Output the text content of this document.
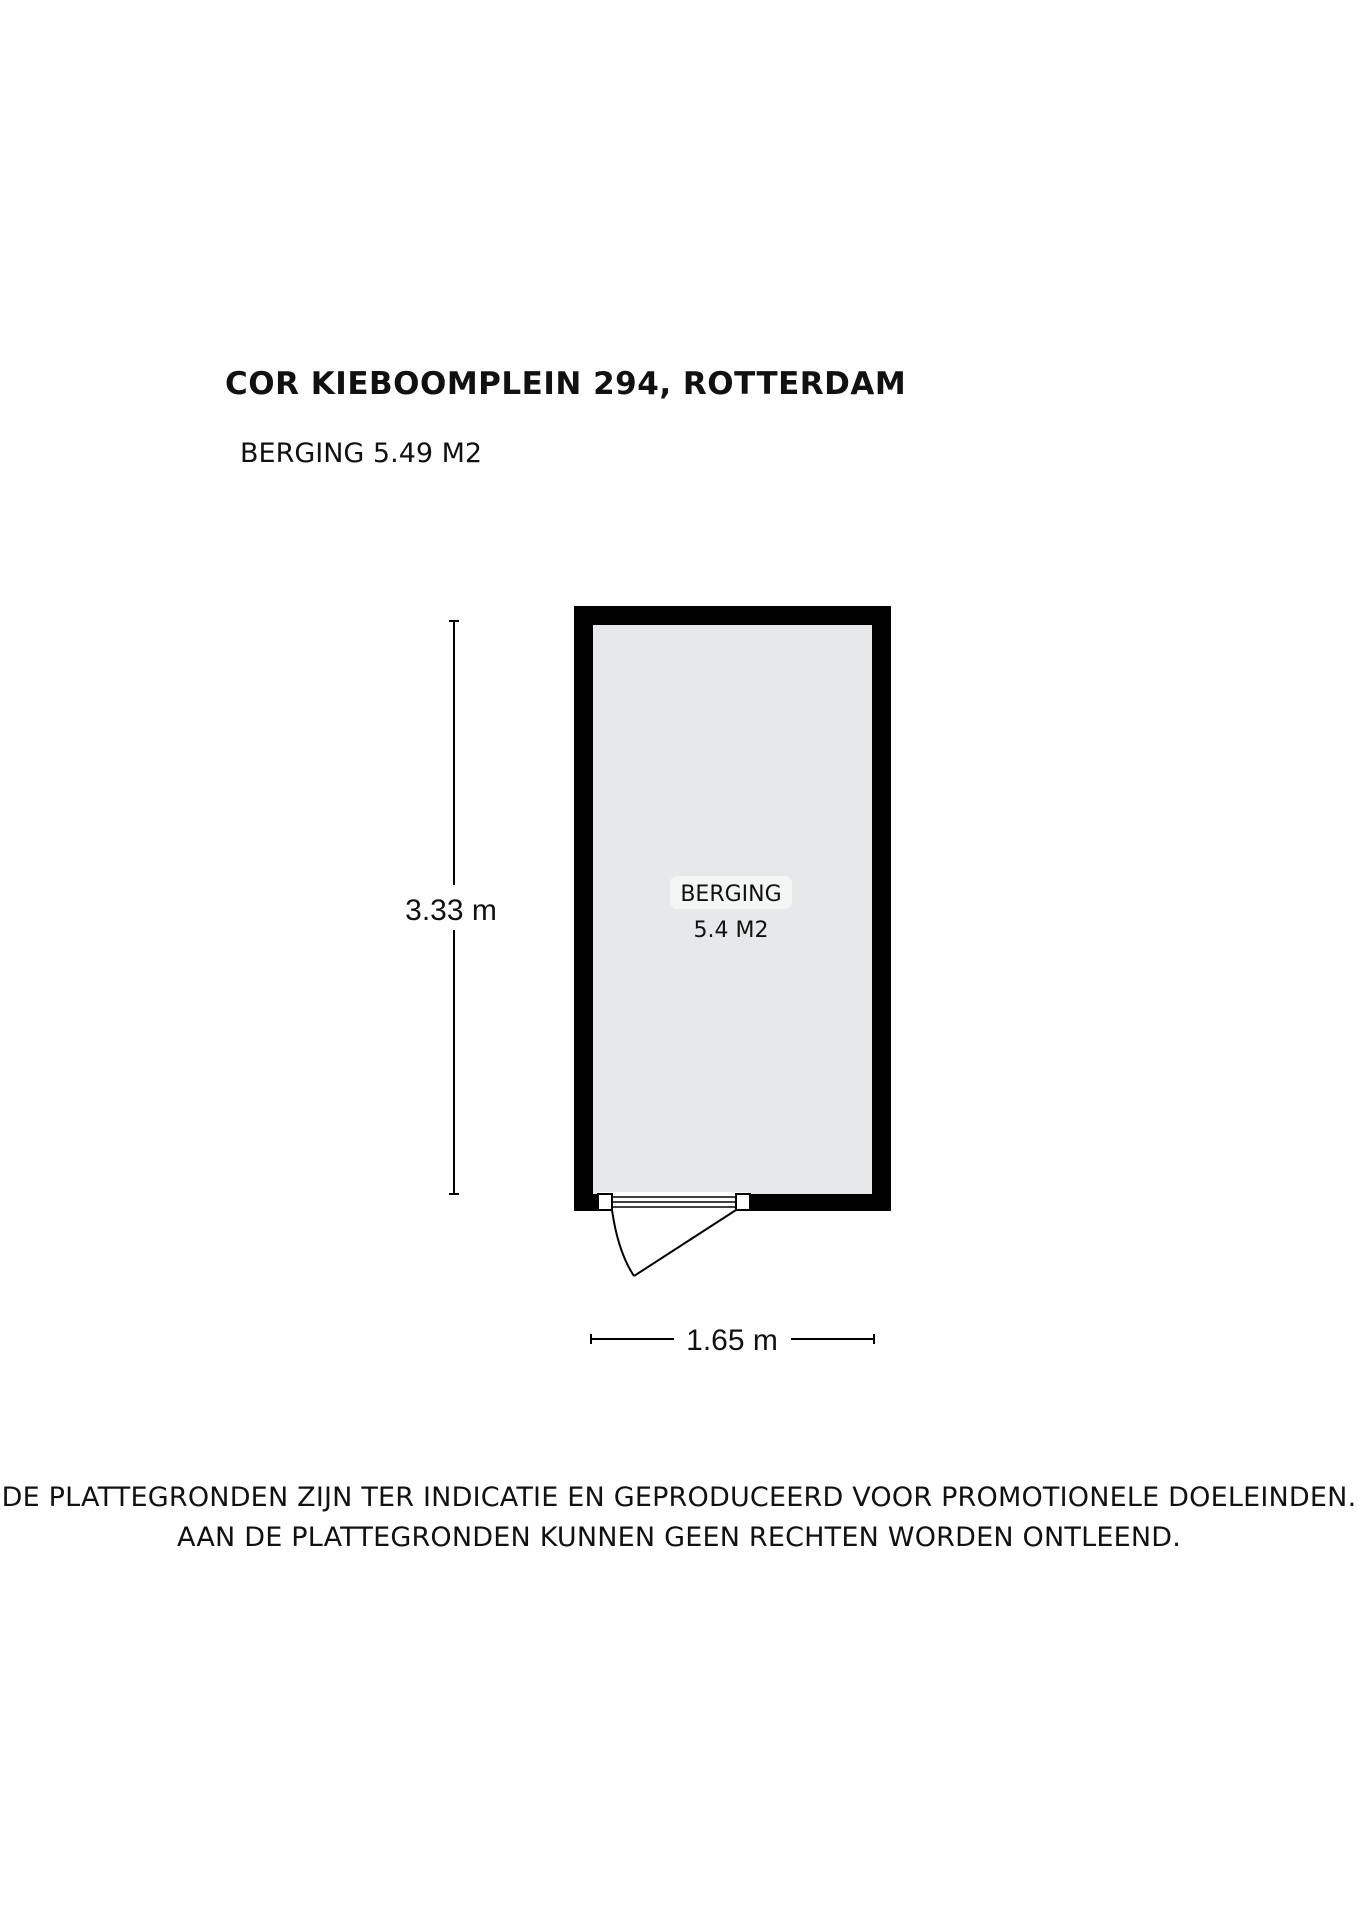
COR KIEBOOMPLEIN 294, ROTTERDAM
BERGING 5.49 M2
BERGING
5.4 M2
3.33 m
1.65 m
DE PLATTEGRONDEN ZIJN TER INDICATIE EN GEPRODUCEERD VOOR PROMOTIONELE DOELEINDEN.
AAN DE PLATTEGRONDEN KUNNEN GEEN RECHTEN WORDEN ONTLEEND.
